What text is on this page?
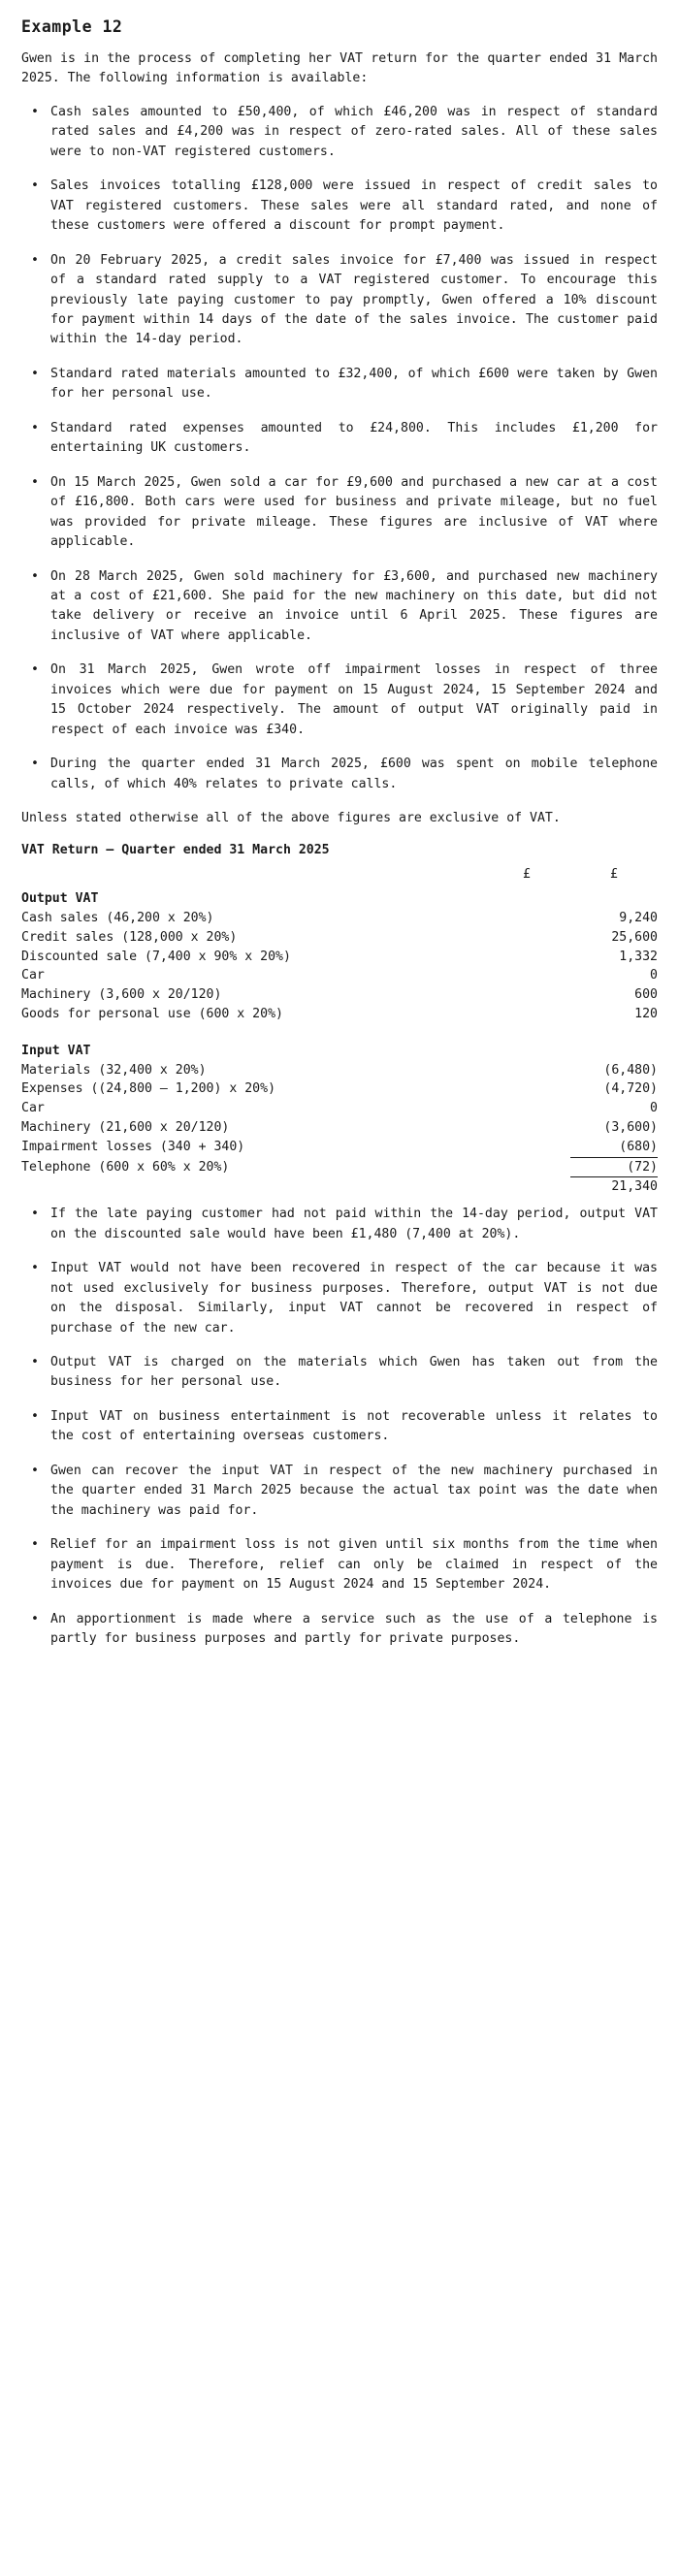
Example 12

Gwen is in the process of completing her VAT return for the quarter ended 31 March 2025. The following information is available:

• Cash sales amounted to £50,400, of which £46,200 was in respect of standard rated sales and £4,200 was in respect of zero-rated sales. All of these sales were to non-VAT registered customers.
• Sales invoices totalling £128,000 were issued in respect of credit sales to VAT registered customers. These sales were all standard rated, and none of these customers were offered a discount for prompt payment.
• On 20 February 2025, a credit sales invoice for £7,400 was issued in respect of a standard rated supply to a VAT registered customer. To encourage this previously late paying customer to pay promptly, Gwen offered a 10% discount for payment within 14 days of the date of the sales invoice. The customer paid within the 14-day period.
• Standard rated materials amounted to £32,400, of which £600 were taken by Gwen for her personal use.
• Standard rated expenses amounted to £24,800. This includes £1,200 for entertaining UK customers.
• On 15 March 2025, Gwen sold a car for £9,600 and purchased a new car at a cost of £16,800. Both cars were used for business and private mileage, but no fuel was provided for private mileage. These figures are inclusive of VAT where applicable.
• On 28 March 2025, Gwen sold machinery for £3,600, and purchased new machinery at a cost of £21,600. She paid for the new machinery on this date, but did not take delivery or receive an invoice until 6 April 2025. These figures are inclusive of VAT where applicable.
• On 31 March 2025, Gwen wrote off impairment losses in respect of three invoices which were due for payment on 15 August 2024, 15 September 2024 and 15 October 2024 respectively. The amount of output VAT originally paid in respect of each invoice was £340.
• During the quarter ended 31 March 2025, £600 was spent on mobile telephone calls, of which 40% relates to private calls.

Unless stated otherwise all of the above figures are exclusive of VAT.

VAT Return – Quarter ended 31 March 2025
	£	£
Output VAT		
Cash sales (46,200 x 20%)		9,240
Credit sales (128,000 x 20%)		25,600
Discounted sale (7,400 x 90% x 20%)		1,332
Car		0
Machinery (3,600 x 20/120)		600
Goods for personal use (600 x 20%)		120

Input VAT		
Materials (32,400 x 20%)		(6,480)
Expenses ((24,800 – 1,200) x 20%)		(4,720)
Car		0
Machinery (21,600 x 20/120)		(3,600)
Impairment losses (340 + 340)		(680)
Telephone (600 x 60% x 20%)		(72)
		21,340
• If the late paying customer had not paid within the 14-day period, output VAT on the discounted sale would have been £1,480 (7,400 at 20%).
• Input VAT would not have been recovered in respect of the car because it was not used exclusively for business purposes. Therefore, output VAT is not due on the disposal. Similarly, input VAT cannot be recovered in respect of purchase of the new car.
• Output VAT is charged on the materials which Gwen has taken out from the business for her personal use.
• Input VAT on business entertainment is not recoverable unless it relates to the cost of entertaining overseas customers.
• Gwen can recover the input VAT in respect of the new machinery purchased in the quarter ended 31 March 2025 because the actual tax point was the date when the machinery was paid for.
• Relief for an impairment loss is not given until six months from the time when payment is due. Therefore, relief can only be claimed in respect of the invoices due for payment on 15 August 2024 and 15 September 2024.
• An apportionment is made where a service such as the use of a telephone is partly for business purposes and partly for private purposes.
